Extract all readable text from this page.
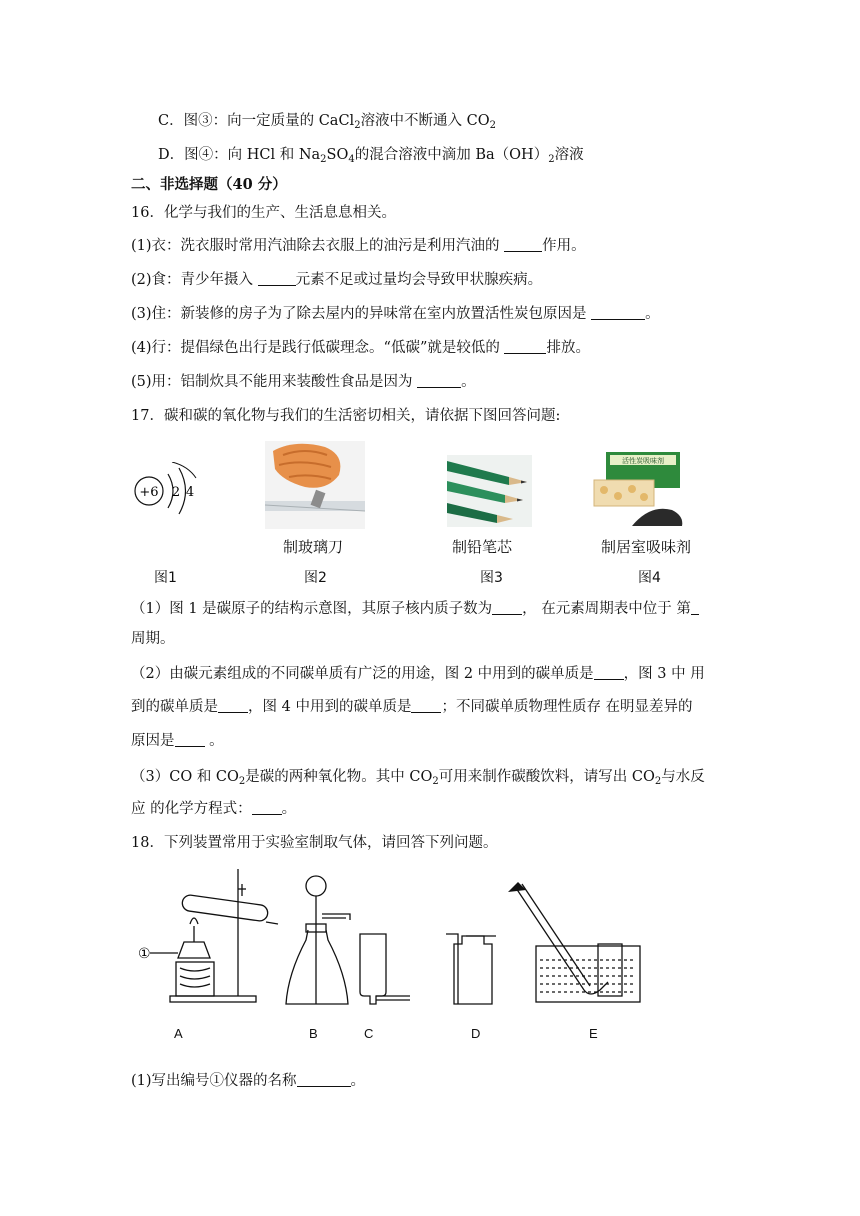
C．图③：向一定质量的 CaCl$_2$溶液中不断通入 $CO_2$
D．图④：向 HCl 和 $Na_2SO_4$的混合溶液中滴加 $Ba(OH)_2$溶液
二、非选择题（40 分）
16．化学与我们的生产、生活息息相关。
(1)衣：洗衣服时常用汽油除去衣服上的油污是利用汽油的	作用。
(2)食：青少年摄入	元素不足或过量均会导致甲状腺疾病。
(3)住：新装修的房子为了除去屋内的异味常在室内放置活性炭包原因是	。
(4)行：提倡绿色出行是践行低碳理念。“低碳”就是较低的	排放。
(5)用：铝制炊具不能用来装酸性食品是因为	。
17．碳和碳的氧化物与我们的生活密切相关，请依据下图回答问题:
+6 2 4
活性炭吸味剂
制玻璃刀	制铅笔芯	制居室吸味剂
图1	图2	图3	图4
（1）图 1 是碳原子的结构示意图，其原子核内质子数为 ， 在元素周期表中位于 第
周期。
（2）由碳元素组成的不同碳单质有广泛的用途，图 2 中用到的碳单质是 ，图 3 中 用
到的碳单质是 ，图 4 中用到的碳单质是 ；不同碳单质物理性质存 在明显差异的
原因是 。
（3）CO 和 $CO_2$是碳的两种氧化物。其中 $CO_2$可用来制作碳酸饮料，请写出 $CO_2$与水反
应 的化学方程式： 。
18．下列装置常用于实验室制取气体，请回答下列问题。
①
A	B	C	D	E
(1)写出编号①仪器的名称	。
